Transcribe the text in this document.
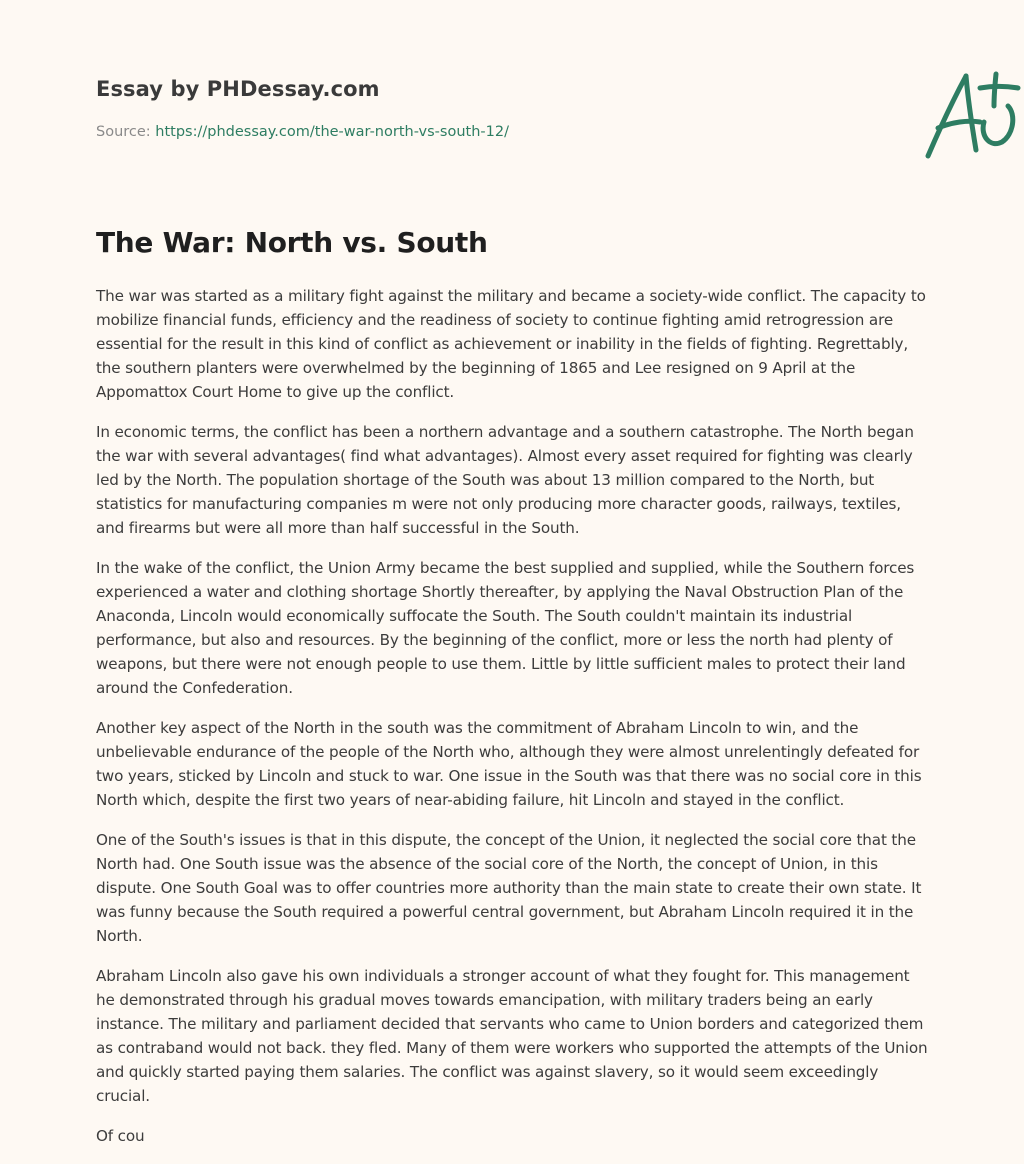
Essay by PHDessay.com
Source: https://phdessay.com/the-war-north-vs-south-12/
The War: North vs. South

The war was started as a military fight against the military and became a society-wide conflict. The capacity to mobilize financial funds, efficiency and the readiness of society to continue fighting amid retrogression are essential for the result in this kind of conflict as achievement or inability in the fields of fighting. Regrettably, the southern planters were overwhelmed by the beginning of 1865 and Lee resigned on 9 April at the Appomattox Court Home to give up the conflict.

In economic terms, the conflict has been a northern advantage and a southern catastrophe. The North began the war with several advantages( find what advantages). Almost every asset required for fighting was clearly led by the North. The population shortage of the South was about 13 million compared to the North, but statistics for manufacturing companies m were not only producing more character goods, railways, textiles, and firearms but were all more than half successful in the South.

In the wake of the conflict, the Union Army became the best supplied and supplied, while the Southern forces experienced a water and clothing shortage Shortly thereafter, by applying the Naval Obstruction Plan of the Anaconda, Lincoln would economically suffocate the South. The South couldn't maintain its industrial performance, but also and resources. By the beginning of the conflict, more or less the north had plenty of weapons, but there were not enough people to use them. Little by little sufficient males to protect their land around the Confederation.

Another key aspect of the North in the south was the commitment of Abraham Lincoln to win, and the unbelievable endurance of the people of the North who, although they were almost unrelentingly defeated for two years, sticked by Lincoln and stuck to war. One issue in the South was that there was no social core in this North which, despite the first two years of near-abiding failure, hit Lincoln and stayed in the conflict.

One of the South's issues is that in this dispute, the concept of the Union, it neglected the social core that the North had. One South issue was the absence of the social core of the North, the concept of Union, in this dispute. One South Goal was to offer countries more authority than the main state to create their own state. It was funny because the South required a powerful central government, but Abraham Lincoln required it in the North.

Abraham Lincoln also gave his own individuals a stronger account of what they fought for. This management he demonstrated through his gradual moves towards emancipation, with military traders being an early instance. The military and parliament decided that servants who came to Union borders and categorized them as contraband would not back. they fled. Many of them were workers who supported the attempts of the Union and quickly started paying them salaries. The conflict was against slavery, so it would seem exceedingly crucial.

Of cou
